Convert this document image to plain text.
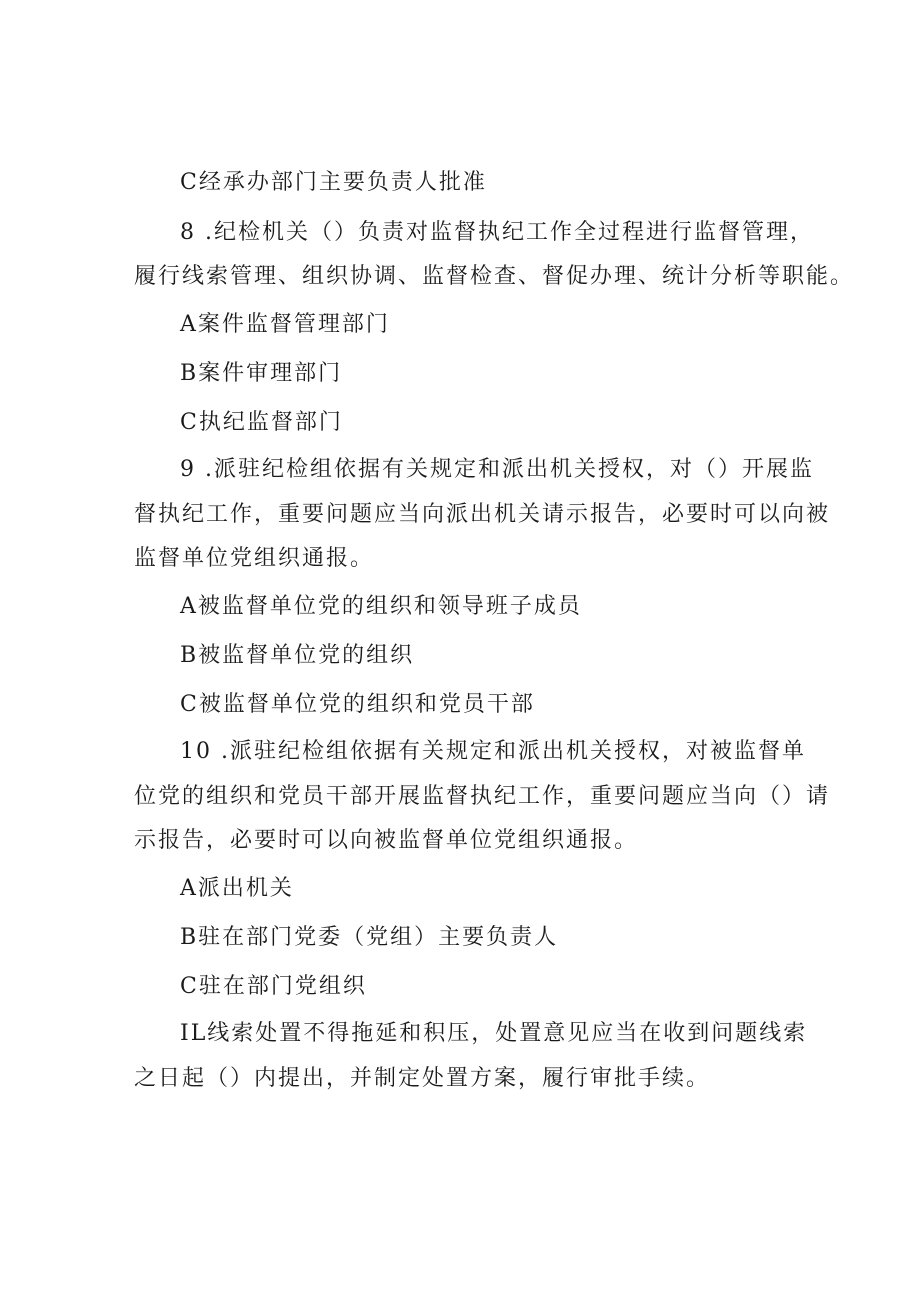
C经承办部门主要负责人批准
8 .纪检机关（）负责对监督执纪工作全过程进行监督管理，
履行线索管理、组织协调、监督检查、督促办理、统计分析等职能。
A案件监督管理部门
B案件审理部门
C执纪监督部门
9 .派驻纪检组依据有关规定和派出机关授权，对（）开展监
督执纪工作，重要问题应当向派出机关请示报告，必要时可以向被
监督单位党组织通报。
A被监督单位党的组织和领导班子成员
B被监督单位党的组织
C被监督单位党的组织和党员干部
10 .派驻纪检组依据有关规定和派出机关授权，对被监督单
位党的组织和党员干部开展监督执纪工作，重要问题应当向（）请
示报告，必要时可以向被监督单位党组织通报。
A派出机关
B驻在部门党委（党组）主要负责人
C驻在部门党组织
IL线索处置不得拖延和积压，处置意见应当在收到问题线索
之日起（）内提出，并制定处置方案，履行审批手续。
